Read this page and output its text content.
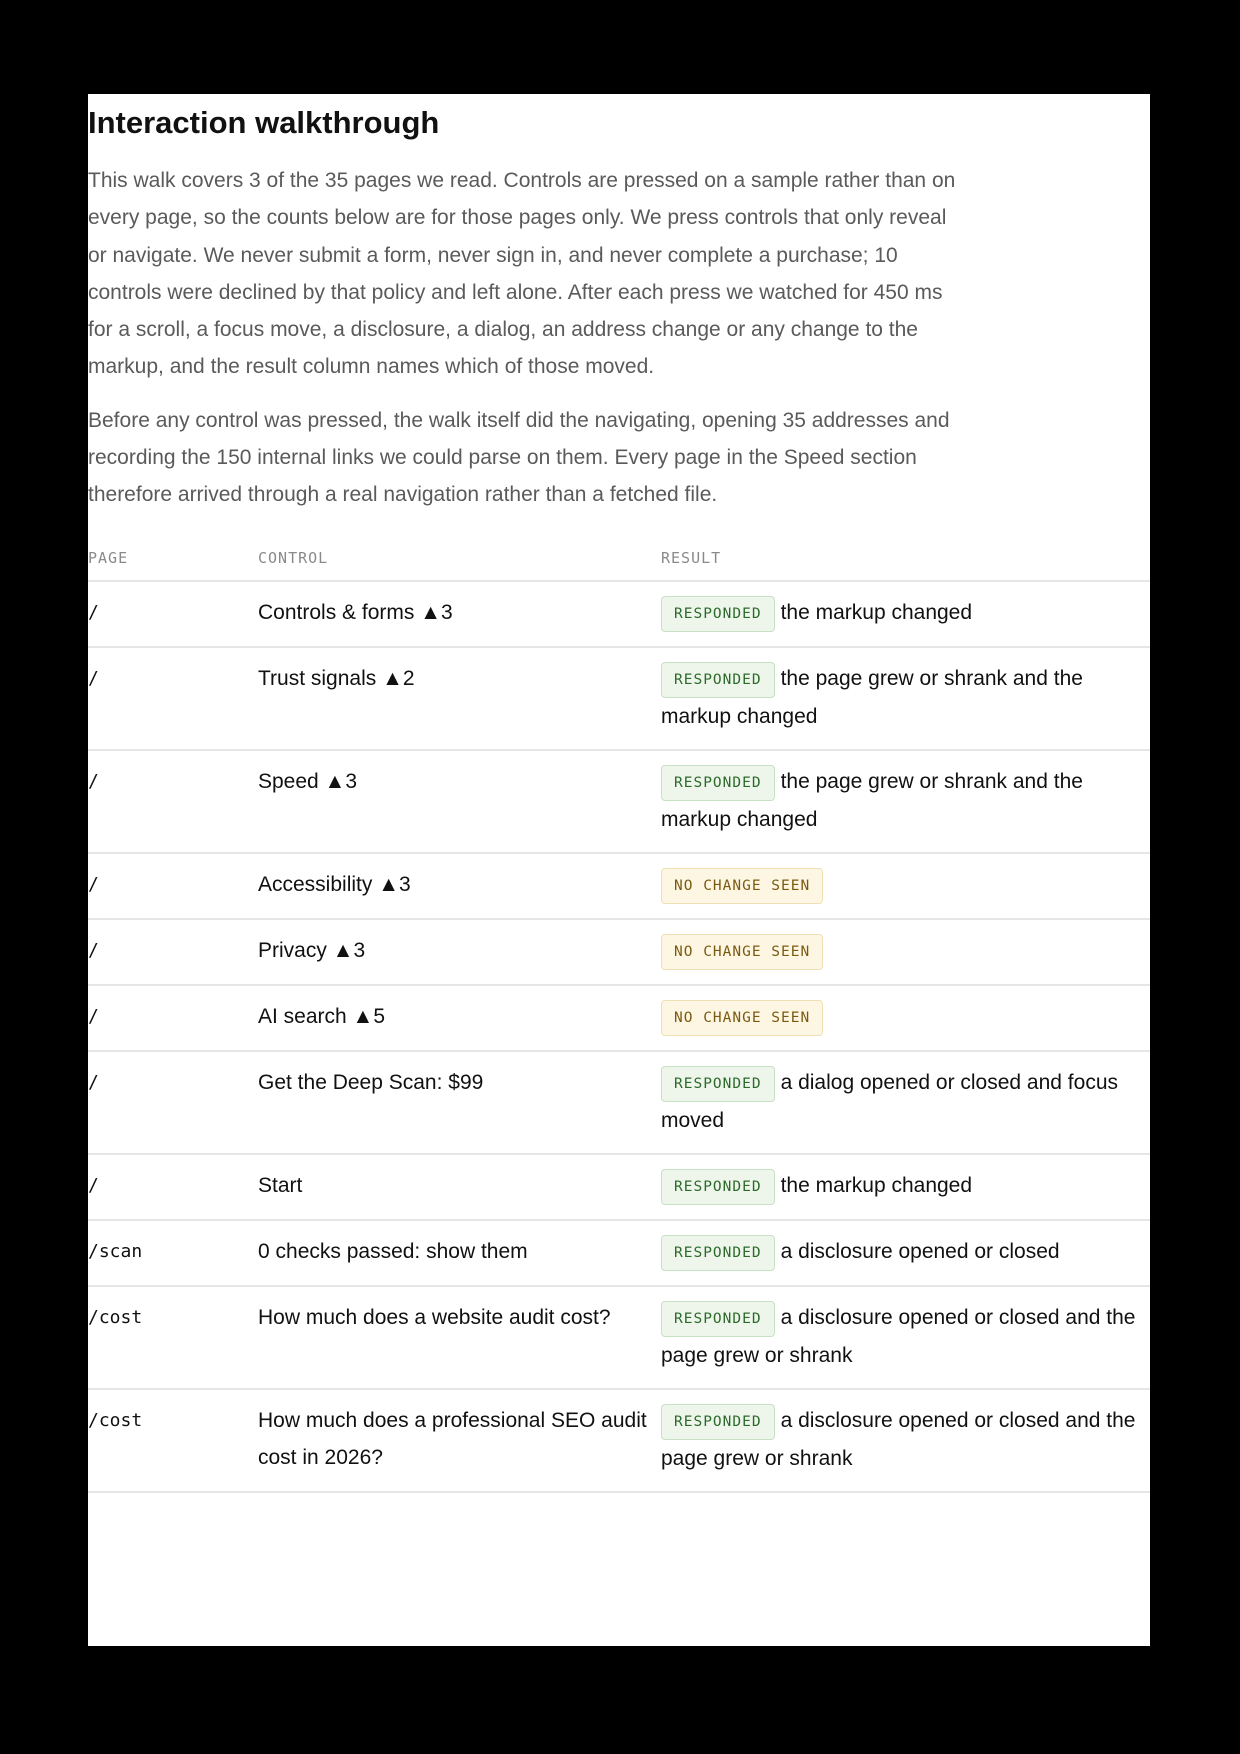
Interaction walkthrough

This walk covers 3 of the 35 pages we read. Controls are pressed on a sample rather than on every page, so the counts below are for those pages only. We press controls that only reveal or navigate. We never submit a form, never sign in, and never complete a purchase; 10 controls were declined by that policy and left alone. After each press we watched for 450 ms for a scroll, a focus move, a disclosure, a dialog, an address change or any change to the markup, and the result column names which of those moved.

Before any control was pressed, the walk itself did the navigating, opening 35 addresses and recording the 150 internal links we could parse on them. Every page in the Speed section therefore arrived through a real navigation rather than a fetched file.

PAGE	CONTROL	RESULT
/	Controls & forms ▲3	RESPONDED the markup changed
/	Trust signals ▲2	RESPONDED the page grew or shrank and the markup changed
/	Speed ▲3	RESPONDED the page grew or shrank and the markup changed
/	Accessibility ▲3	NO CHANGE SEEN
/	Privacy ▲3	NO CHANGE SEEN
/	AI search ▲5	NO CHANGE SEEN
/	Get the Deep Scan: $99	RESPONDED a dialog opened or closed and focus moved
/	Start	RESPONDED the markup changed
/scan	0 checks passed: show them	RESPONDED a disclosure opened or closed
/cost	How much does a website audit cost?	RESPONDED a disclosure opened or closed and the page grew or shrank
/cost	How much does a professional SEO audit cost in 2026?	RESPONDED a disclosure opened or closed and the page grew or shrank
